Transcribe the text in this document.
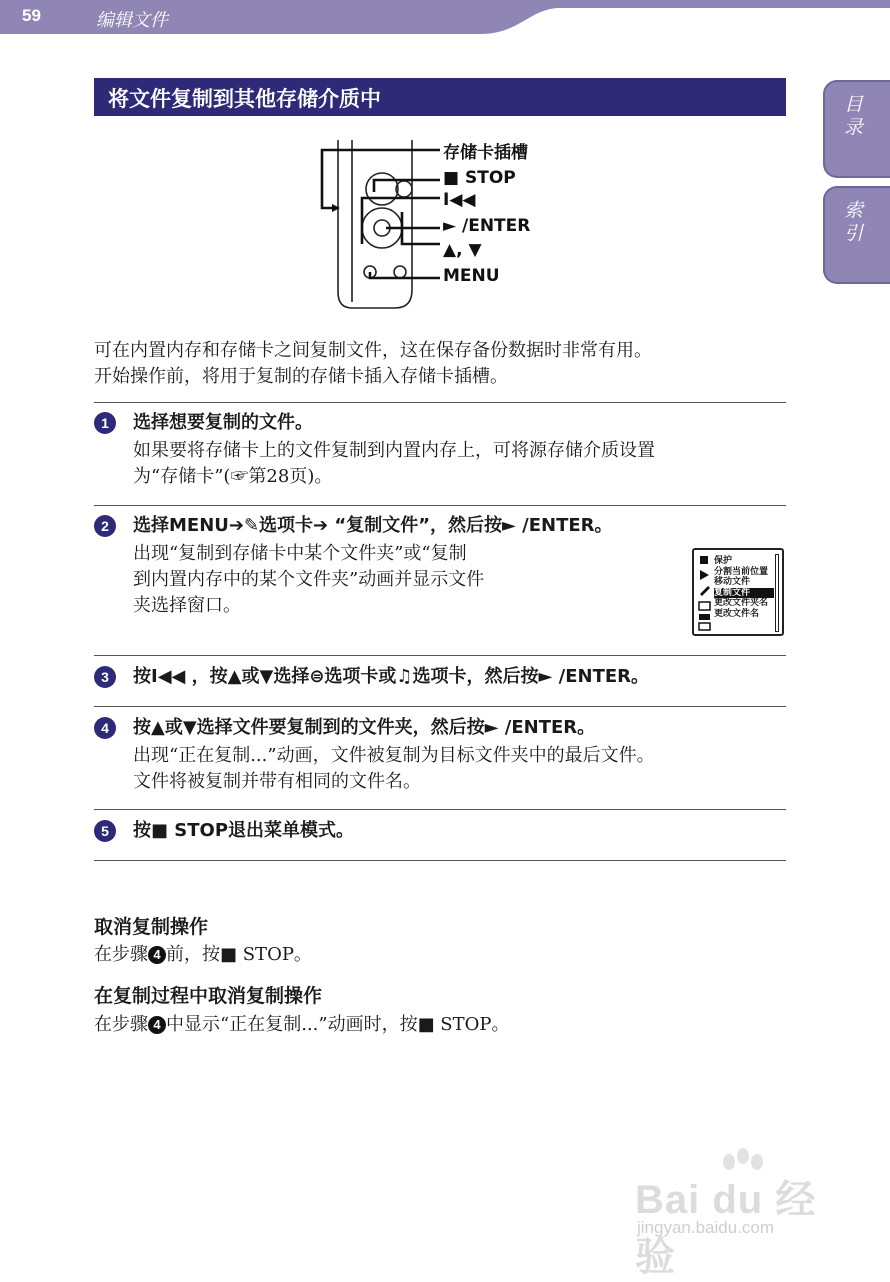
59	编辑文件
目录
索引
将文件复制到其他存储介质中
存储卡插槽
■ STOP
I◀◀
► /ENTER
▲, ▼
MENU

可在内置内存和存储卡之间复制文件，这在保存备份数据时非常有用。

开始操作前，将用于复制的存储卡插入存储卡插槽。

1	选择想要复制的文件。

如果要将存储卡上的文件复制到内置内存上，可将源存储介质设置

为“存储卡”(☞第28页)。

2	选择MENU➔✎选项卡➔ “复制文件”，然后按► /ENTER。

出现“复制到存储卡中某个文件夹”或“复制

到内置内存中的某个文件夹”动画并显示文件

夹选择窗口。

保护
分割当前位置
移动文件
复制文件
更改文件夹名
更改文件名
3	按I◀◀ ，按▲或▼选择⊜选项卡或♫选项卡，然后按► /ENTER。
4	按▲或▼选择文件要复制到的文件夹，然后按► /ENTER。

出现“正在复制...”动画，文件被复制为目标文件夹中的最后文件。

文件将被复制并带有相同的文件名。

5	按■ STOP退出菜单模式。
取消复制操作
在步骤 4 前，按■ STOP。
在复制过程中取消复制操作
在步骤 4 中显示“正在复制...”动画时，按■ STOP。
Bai du 经验
jingyan.baidu.com
